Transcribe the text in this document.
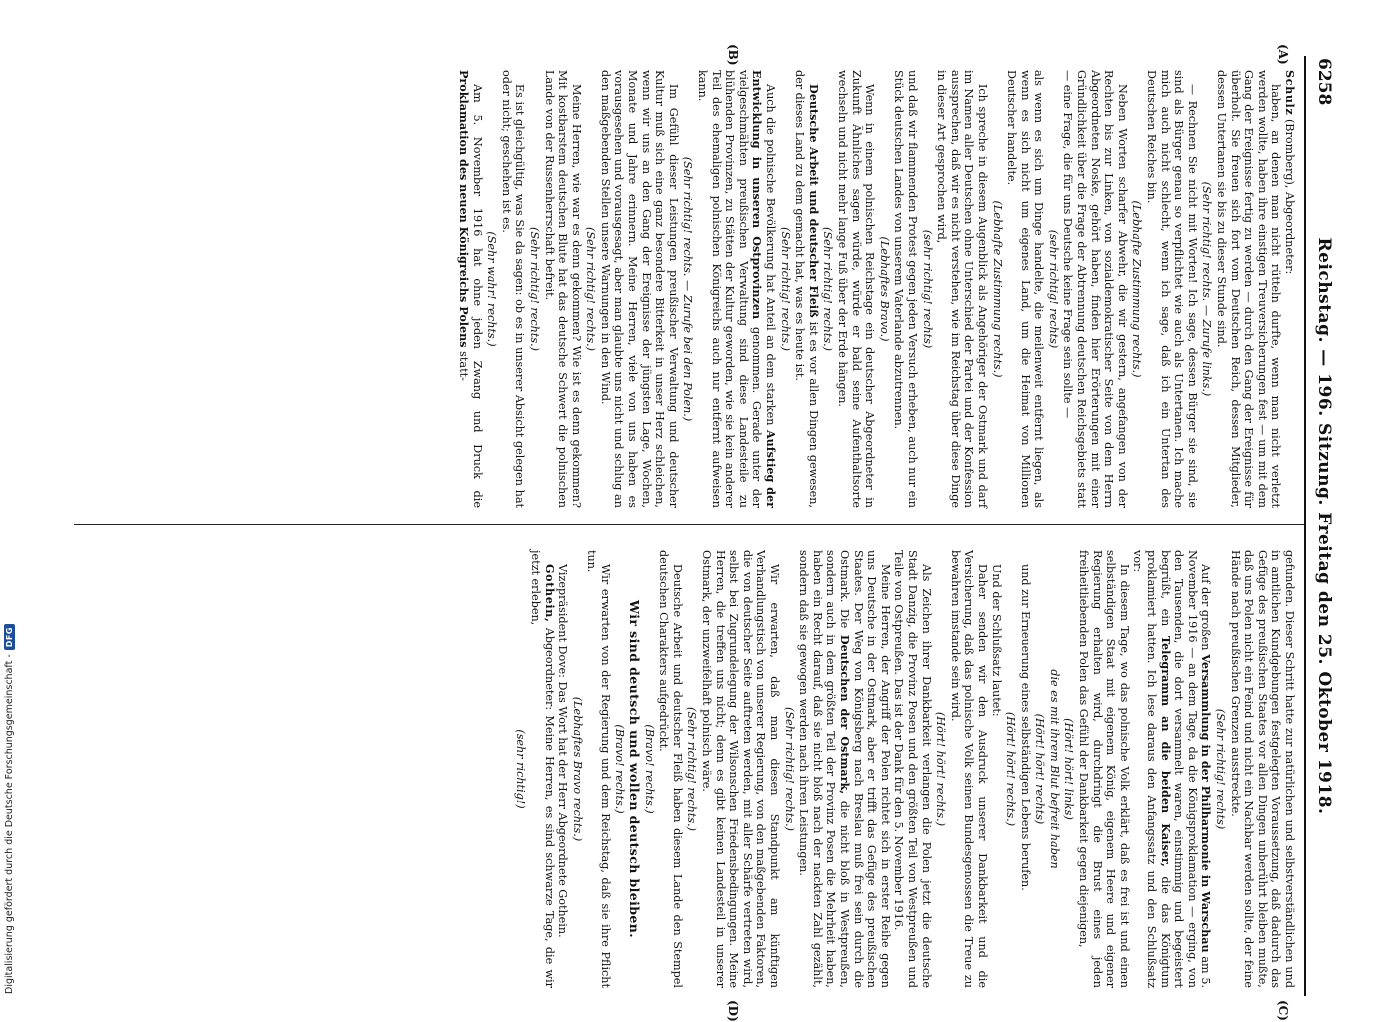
6258
Reichstag. — 196. Sitzung. Freitag den 25. Oktober 1918.
(A)
(B)
(C)
(D)

Schulz (Bromberg), Abgeordneter:

haben, an denen man nicht rütteln durfte, wenn man nicht verletzt werden wollte, haben ihre einstigen Treuversicherungen fest — um mit dem Gang der Ereignisse fertig zu werden — durch den Gang der Ereignisse für überholt. Sie freuen sich fort vom Deutschen Reich, dessen Mitglieder, dessen Untertanen sie bis zu dieser Stunde sind.

(Sehr richtig! rechts. — Zurufe links.)

— Rechnen Sie nicht mit Worten! Ich sage, dessen Bürger sie sind, sie sind als Bürger genau so verpflichtet wie auch als Untertanen. Ich mache mich auch nicht schlecht, wenn ich sage, daß ich ein Untertan des Deutschen Reiches bin.

(Lebhafte Zustimmung rechts.)

Neben Worten scharfer Abwehr, die wir gestern, angefangen von der Rechten bis zur Linken, von sozialdemokratischer Seite von dem Herrn Abgeordneten Noske, gehört haben, finden hier Erörterungen mit einer Gründlichkeit über die Frage der Abtrennung deutschen Reichsgebiets statt — eine Frage, die für uns Deutsche keine Frage sein sollte —

(sehr richtig! rechts)

als wenn es sich um Dinge handelte, die meilenweit entfernt liegen, als wenn es sich nicht um eigenes Land, um die Heimat von Millionen Deutscher handelte.

(Lebhafte Zustimmung rechts.)

Ich spreche in diesem Augenblick als Angehöriger der Ostmark und darf im Namen aller Deutschen ohne Unterschied der Partei und der Konfession aussprechen, daß wir es nicht verstehen, wie im Reichstag über diese Dinge in dieser Art gesprochen wird,

(sehr richtig! rechts)

und daß wir flammenden Protest gegen jeden Versuch erheben, auch nur ein Stück deutschen Landes von unserem Vaterlande abzutrennen.

(Lebhaftes Bravo.)

Wenn in einem polnischen Reichstage ein deutscher Abgeordneter in Zukunft Ähnliches sagen würde, würde er bald seine Aufenthaltsorte wechseln und nicht mehr lange Fuß über der Erde hängen.

(Sehr richtig! rechts.)

Deutsche Arbeit und deutscher Fleiß ist es vor allen Dingen gewesen, der dieses Land zu dem gemacht hat, was es heute ist.

(Sehr richtig! rechts.)

Auch die polnische Bevölkerung hat Anteil an dem starken Aufstieg der Entwicklung in unseren Ostprovinzen genommen. Gerade unter der vielgeschmähten preußischen Verwaltung sind diese Landesteile zu blühenden Provinzen, zu Stätten der Kultur geworden, wie sie kein anderer Teil des ehemaligen polnischen Königreichs auch nur entfernt aufweisen kann.

(Sehr richtig! rechts. — Zurufe bei den Polen.)

Im Gefühl dieser Leistungen preußischer Verwaltung und deutscher Kultur muß sich eine ganz besondere Bitterkeit in unser Herz schleichen, wenn wir uns an den Gang der Ereignisse der jüngsten Lage, Wochen, Monate und Jahre erinnern. Meine Herren, viele von uns haben es vorausgesehen und vorausgesagt, aber man glaubte uns nicht und schlug an den maßgebenden Stellen unsere Warnungen in den Wind.

(Sehr richtig! rechts.)

Meine Herren, wie war es denn gekommen? Wie ist es denn gekommen? Mit kostbarstem deutschen Blute hat das deutsche Schwert die polnischen Lande von der Russenherrschaft befreit.

(Sehr richtig! rechts.)

Es ist gleichgültig, was Sie da sagen: ob es in unserer Absicht gelegen hat oder nicht; geschehen ist es.

(Sehr wahr! rechts.)

Am 5. November 1916 hat ohne jeden Zwang und Druck die Proklamation des neuen Königreichs Polens statt-

gefunden. Dieser Schritt hatte zur natürlichen und selbstverständlichen und in amtlichen Kundgebungen festgelegten Voraussetzung, daß dadurch das Gefüge des preußischen Staates vor allen Dingen unberührt bleiben mußte, daß uns Polen nicht ein Feind und nicht ein Nachbar werden sollte, der feine Hände nach preußischen Grenzen ausstreckte.

(Sehr richtig! rechts)

Auf der großen Versammlung in der Philharmonie in Warschau am 5. November 1916 — an dem Tage, da die Königsproklamation — erging, von den Tausenden, die dort versammelt waren, einstimmig und begeistert begrüßt, ein Telegramm an die beiden Kaiser, die das Königtum proklamiert hatten. Ich lese daraus den Anfangssatz und den Schlußsatz vor:

In diesem Tage, wo das polnische Volk erklärt, daß es frei ist und einen selbständigen Staat mit eigenem König, eigenem Heere und eigener Regierung erhalten wird, durchdringt die Brust eines jeden freiheitliebenden Polen das Gefühl der Dankbarkeit gegen diejenigen,

(Hört! hört! links)

die es mit ihrem Blut befreit haben

(Hört! hört! rechts)

und zur Erneuerung eines selbständigen Lebens berufen.

(Hört! hört! rechts.)

Und der Schlußsatz lautet:

Daher senden wir den Ausdruck unserer Dankbarkeit und die Versicherung, daß das polnische Volk seinen Bundesgenossen die Treue zu bewahren imstande sein wird.

(Hört! hört! rechts.)

Als Zeichen ihrer Dankbarkeit verlangen die Polen jetzt die deutsche Stadt Danzig, die Provinz Posen und den größten Teil von Westpreußen und Teile von Ostpreußen. Das ist der Dank für den 5. November 1916.

Meine Herren, der Angriff der Polen richtet sich in erster Reihe gegen uns Deutsche in der Ostmark, aber er trifft das Gefüge des preußischen Staates. Der Weg von Königsberg nach Breslau muß frei sein durch die Ostmark. Die Deutschen der Ostmark, die nicht bloß in Westpreußen, sondern auch in dem größten Teil der Provinz Posen die Mehrheit haben, haben ein Recht darauf, daß sie nicht bloß nach der nackten Zahl gezählt, sondern daß sie gewogen werden nach ihren Leistungen.

(Sehr richtig! rechts.)

Wir erwarten, daß man diesen Standpunkt am künftigen Verhandlungstisch von unserer Regierung, von den maßgebenden Faktoren, die von deutscher Seite auftreten werden, mit aller Schärfe vertreten wird, selbst bei Zugrundelegung der Wilsonschen Friedensbedingungen. Meine Herren, die treffen uns nicht; denn es gibt keinen Landesteil in unserer Ostmark, der unzweifelhaft polnisch wäre.

(Sehr richtig! rechts.)

Deutsche Arbeit und deutscher Fleiß haben diesem Lande den Stempel deutschen Charakters aufgedrückt.

(Bravo! rechts.)

Wir sind deutsch und wollen deutsch bleiben.

(Bravo! rechts.)

Wir erwarten von der Regierung und dem Reichstag, daß sie ihre Pflicht tun.

(Lebhaftes Bravo rechts.)

Vizepräsident Dove: Das Wort hat der Herr Abgeordnete Gothein.

Gothein, Abgeordneter: Meine Herren, es sind schwarze Tage, die wir jetzt erleben,

(sehr richtig!)

Digitalisierung gefördert durch die Deutsche Forschungsgemeinschaft -
DFG
